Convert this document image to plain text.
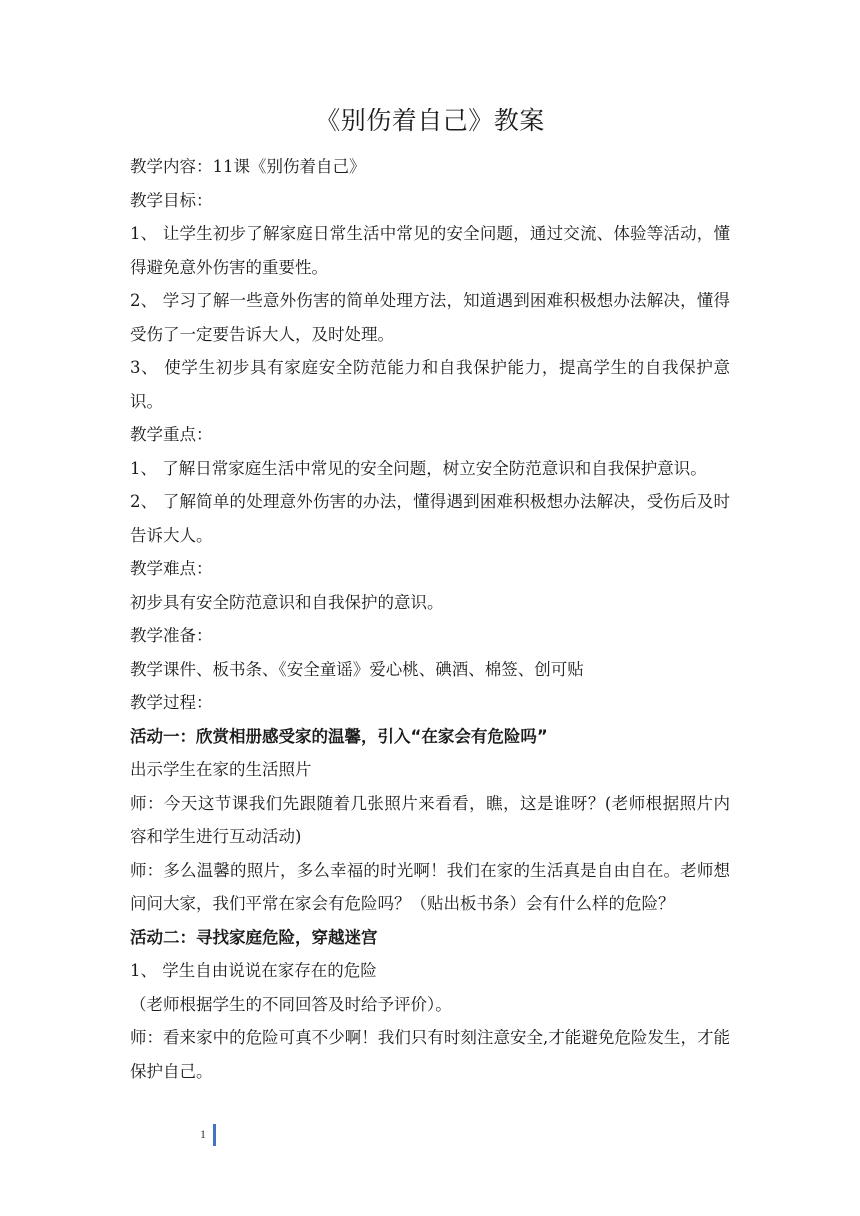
《别伤着自己》教案

教学内容：11课《别伤着自己》

教学目标：

1、 让学生初步了解家庭日常生活中常见的安全问题，通过交流、体验等活动，懂得避免意外伤害的重要性。

2、 学习了解一些意外伤害的简单处理方法，知道遇到困难积极想办法解决，懂得受伤了一定要告诉大人，及时处理。

3、 使学生初步具有家庭安全防范能力和自我保护能力，提高学生的自我保护意识。

教学重点：

1、 了解日常家庭生活中常见的安全问题，树立安全防范意识和自我保护意识。

2、 了解简单的处理意外伤害的办法，懂得遇到困难积极想办法解决，受伤后及时告诉大人。

教学难点：

初步具有安全防范意识和自我保护的意识。

教学准备：

教学课件、板书条、《安全童谣》爱心桃、碘酒、棉签、创可贴

教学过程：

活动一：欣赏相册感受家的温馨，引入“在家会有危险吗”

出示学生在家的生活照片

师：今天这节课我们先跟随着几张照片来看看，瞧，这是谁呀？(老师根据照片内容和学生进行互动活动)

师：多么温馨的照片，多么幸福的时光啊！我们在家的生活真是自由自在。老师想问问大家，我们平常在家会有危险吗？（贴出板书条）会有什么样的危险？

活动二：寻找家庭危险，穿越迷宫

1、 学生自由说说在家存在的危险

（老师根据学生的不同回答及时给予评价）。

师：看来家中的危险可真不少啊！我们只有时刻注意安全,才能避免危险发生，才能保护自己。

1
